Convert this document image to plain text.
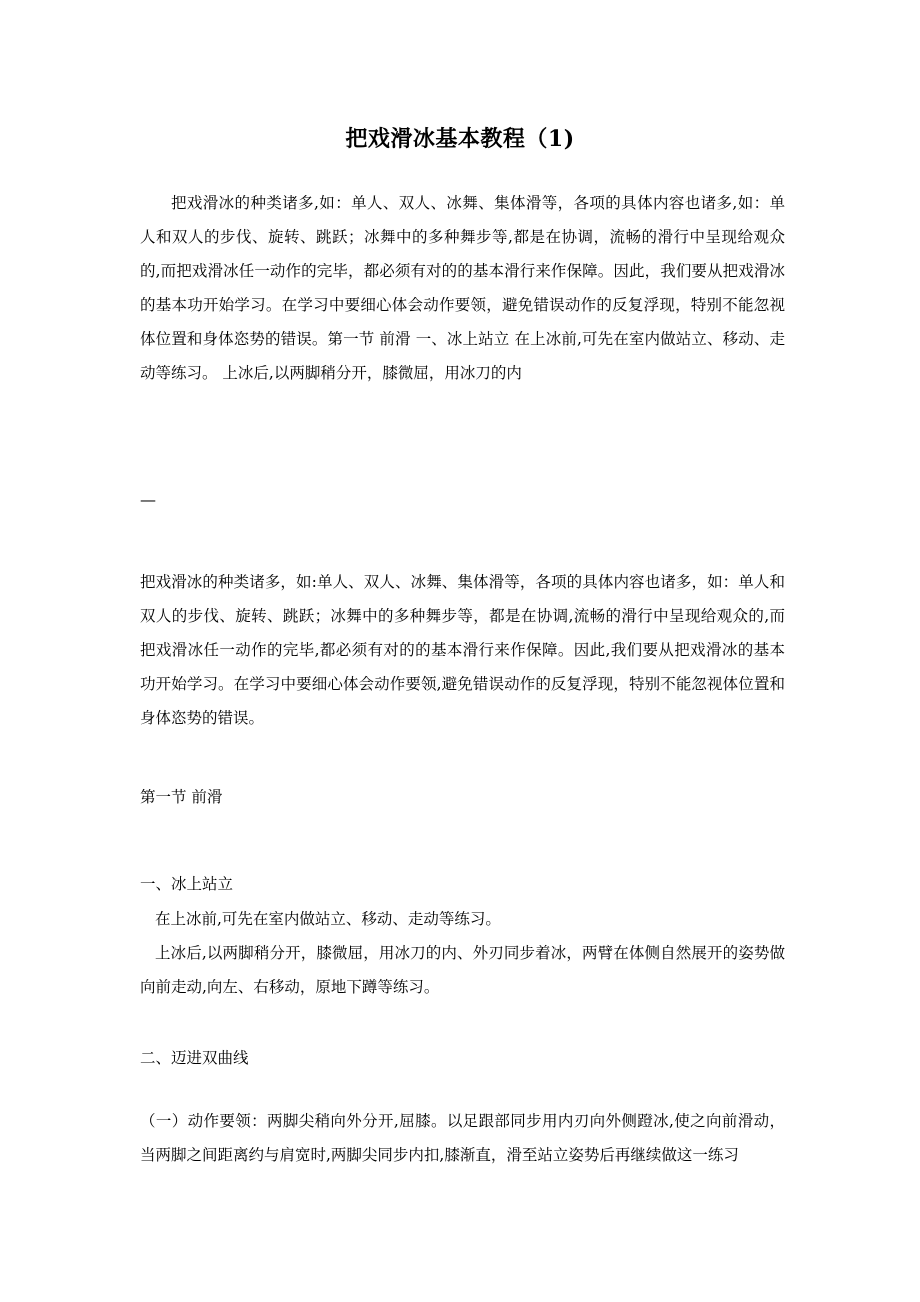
把戏滑冰基本教程（1)
把戏滑冰的种类诸多,如：单人、双人、冰舞、集体滑等，各项的具体内容也诸多,如：单人和双人的步伐、旋转、跳跃；冰舞中的多种舞步等,都是在协调，流畅的滑行中呈现给观众的,而把戏滑冰任一动作的完毕，都必须有对的的基本滑行来作保障。因此，我们要从把戏滑冰的基本功开始学习。在学习中要细心体会动作要领，避免错误动作的反复浮现，特别不能忽视体位置和身体恣势的错误。第一节 前滑 一、冰上站立 在上冰前,可先在室内做站立、移动、走动等练习。 上冰后,以两脚稍分开，膝微屈，用冰刀的内
—
把戏滑冰的种类诸多，如:单人、双人、冰舞、集体滑等，各项的具体内容也诸多，如：单人和双人的步伐、旋转、跳跃；冰舞中的多种舞步等，都是在协调,流畅的滑行中呈现给观众的,而把戏滑冰任一动作的完毕,都必须有对的的基本滑行来作保障。因此,我们要从把戏滑冰的基本功开始学习。在学习中要细心体会动作要领,避免错误动作的反复浮现，特别不能忽视体位置和身体恣势的错误。
第一节 前滑
一、冰上站立
在上冰前,可先在室内做站立、移动、走动等练习。
上冰后,以两脚稍分开，膝微屈，用冰刀的内、外刃同步着冰，两臂在体侧自然展开的姿势做向前走动,向左、右移动，原地下蹲等练习。
二、迈进双曲线
（一）动作要领：两脚尖稍向外分开,屈膝。以足跟部同步用内刃向外侧蹬冰,使之向前滑动，当两脚之间距离约与肩宽时,两脚尖同步内扣,膝渐直，滑至站立姿势后再继续做这一练习
